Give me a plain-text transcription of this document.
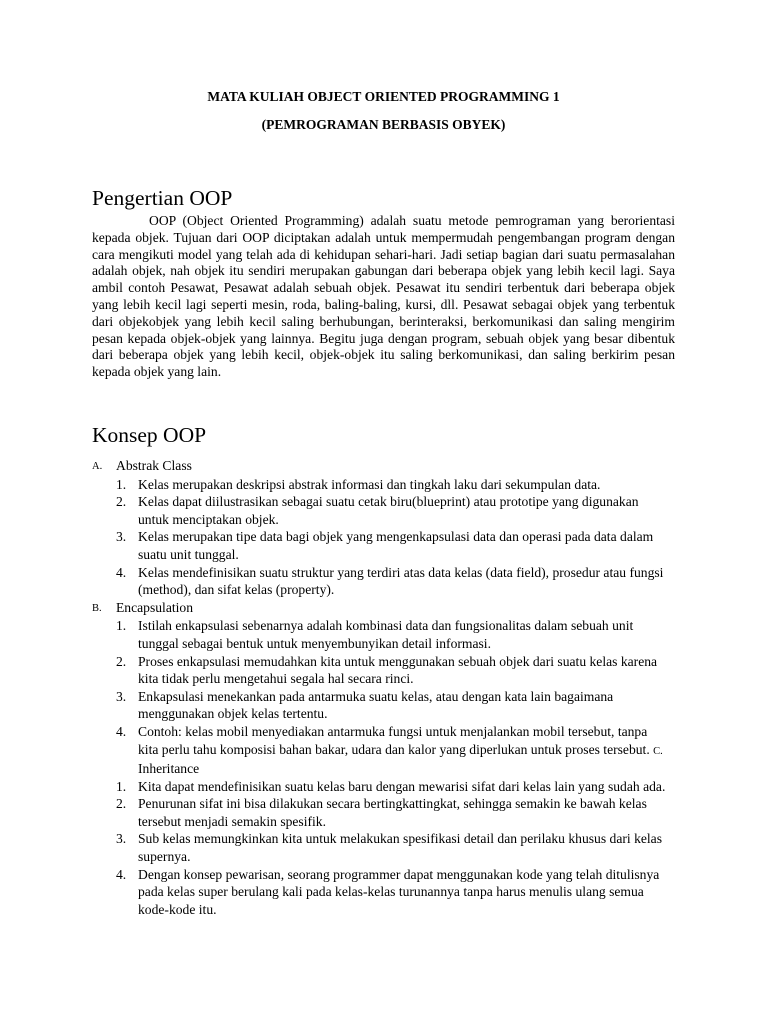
MATA KULIAH OBJECT ORIENTED PROGRAMMING 1
(PEMROGRAMAN BERBASIS OBYEK)
Pengertian OOP

OOP (Object Oriented Programming) adalah suatu metode pemrograman yang berorientasi kepada objek. Tujuan dari OOP diciptakan adalah untuk mempermudah pengembangan program dengan cara mengikuti model yang telah ada di kehidupan sehari-hari. Jadi setiap bagian dari suatu permasalahan adalah objek, nah objek itu sendiri merupakan gabungan dari beberapa objek yang lebih kecil lagi. Saya ambil contoh Pesawat, Pesawat adalah sebuah objek. Pesawat itu sendiri terbentuk dari beberapa objek yang lebih kecil lagi seperti mesin, roda, baling-baling, kursi, dll. Pesawat sebagai objek yang terbentuk dari objekobjek yang lebih kecil saling berhubungan, berinteraksi, berkomunikasi dan saling mengirim pesan kepada objek-objek yang lainnya. Begitu juga dengan program, sebuah objek yang besar dibentuk dari beberapa objek yang lebih kecil, objek-objek itu saling berkomunikasi, dan saling berkirim pesan kepada objek yang lain.

Konsep OOP
A.	Abstrak Class
1. Kelas merupakan deskripsi abstrak informasi dan tingkah laku dari sekumpulan data.
2. Kelas dapat diilustrasikan sebagai suatu cetak biru(blueprint) atau prototipe yang digunakan untuk menciptakan objek.
3. Kelas merupakan tipe data bagi objek yang mengenkapsulasi data dan operasi pada data dalam suatu unit tunggal.
4. Kelas mendefinisikan suatu struktur yang terdiri atas data kelas (data field), prosedur atau fungsi (method), dan sifat kelas (property).
B.	Encapsulation
1. Istilah enkapsulasi sebenarnya adalah kombinasi data dan fungsionalitas dalam sebuah unit tunggal sebagai bentuk untuk menyembunyikan detail informasi.
2. Proses enkapsulasi memudahkan kita untuk menggunakan sebuah objek dari suatu kelas karena kita tidak perlu mengetahui segala hal secara rinci.
3. Enkapsulasi menekankan pada antarmuka suatu kelas, atau dengan kata lain bagaimana menggunakan objek kelas tertentu.
4. Contoh: kelas mobil menyediakan antarmuka fungsi untuk menjalankan mobil tersebut, tanpa kita perlu tahu komposisi bahan bakar, udara dan kalor yang diperlukan untuk proses tersebut. C. Inheritance
1. Kita dapat mendefinisikan suatu kelas baru dengan mewarisi sifat dari kelas lain yang sudah ada.
2. Penurunan sifat ini bisa dilakukan secara bertingkattingkat, sehingga semakin ke bawah kelas tersebut menjadi semakin spesifik.
3. Sub kelas memungkinkan kita untuk melakukan spesifikasi detail dan perilaku khusus dari kelas supernya.
4. Dengan konsep pewarisan, seorang programmer dapat menggunakan kode yang telah ditulisnya pada kelas super berulang kali pada kelas-kelas turunannya tanpa harus menulis ulang semua kode-kode itu.
